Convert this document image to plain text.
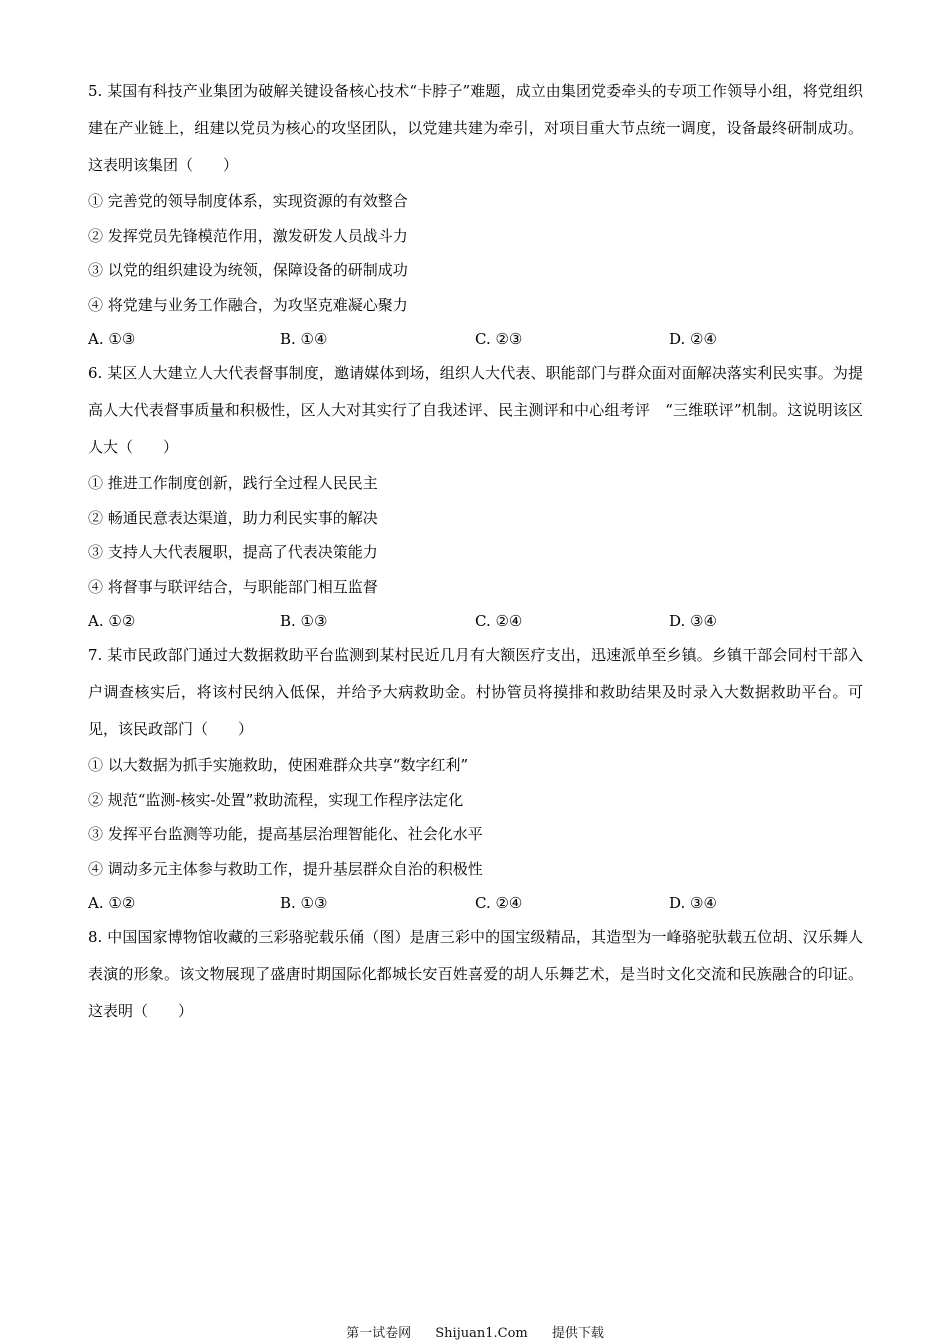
5. 某国有科技产业集团为破解关键设备核心技术“卡脖子”难题，成立由集团党委牵头的专项工作领导小组，将党组织建在产业链上，组建以党员为核心的攻坚团队，以党建共建为牵引，对项目重大节点统一调度，设备最终研制成功。这表明该集团（　　）

① 完善党的领导制度体系，实现资源的有效整合
② 发挥党员先锋模范作用，激发研发人员战斗力
③ 以党的组织建设为统领，保障设备的研制成功
④ 将党建与业务工作融合，为攻坚克难凝心聚力
A. ①③	B. ①④	C. ②③	D. ②④

6. 某区人大建立人大代表督事制度，邀请媒体到场，组织人大代表、职能部门与群众面对面解决落实利民实事。为提高人大代表督事质量和积极性，区人大对其实行了自我述评、民主测评和中心组考评　“三维联评”机制。这说明该区人大（　　）

① 推进工作制度创新，践行全过程人民民主
② 畅通民意表达渠道，助力利民实事的解决
③ 支持人大代表履职，提高了代表决策能力
④ 将督事与联评结合，与职能部门相互监督
A. ①②	B. ①③	C. ②④	D. ③④

7. 某市民政部门通过大数据救助平台监测到某村民近几月有大额医疗支出，迅速派单至乡镇。乡镇干部会同村干部入户调查核实后，将该村民纳入低保，并给予大病救助金。村协管员将摸排和救助结果及时录入大数据救助平台。可见，该民政部门（　　）

① 以大数据为抓手实施救助，使困难群众共享“数字红利”
② 规范“监测-核实-处置”救助流程，实现工作程序法定化
③ 发挥平台监测等功能，提高基层治理智能化、社会化水平
④ 调动多元主体参与救助工作，提升基层群众自治的积极性
A. ①②	B. ①③	C. ②④	D. ③④

8. 中国国家博物馆收藏的三彩骆驼载乐俑（图）是唐三彩中的国宝级精品，其造型为一峰骆驼驮载五位胡、汉乐舞人表演的形象。该文物展现了盛唐时期国际化都城长安百姓喜爱的胡人乐舞艺术，是当时文化交流和民族融合的印证。这表明（　　）

第一试卷网 Shijuan1.Com 提供下载
